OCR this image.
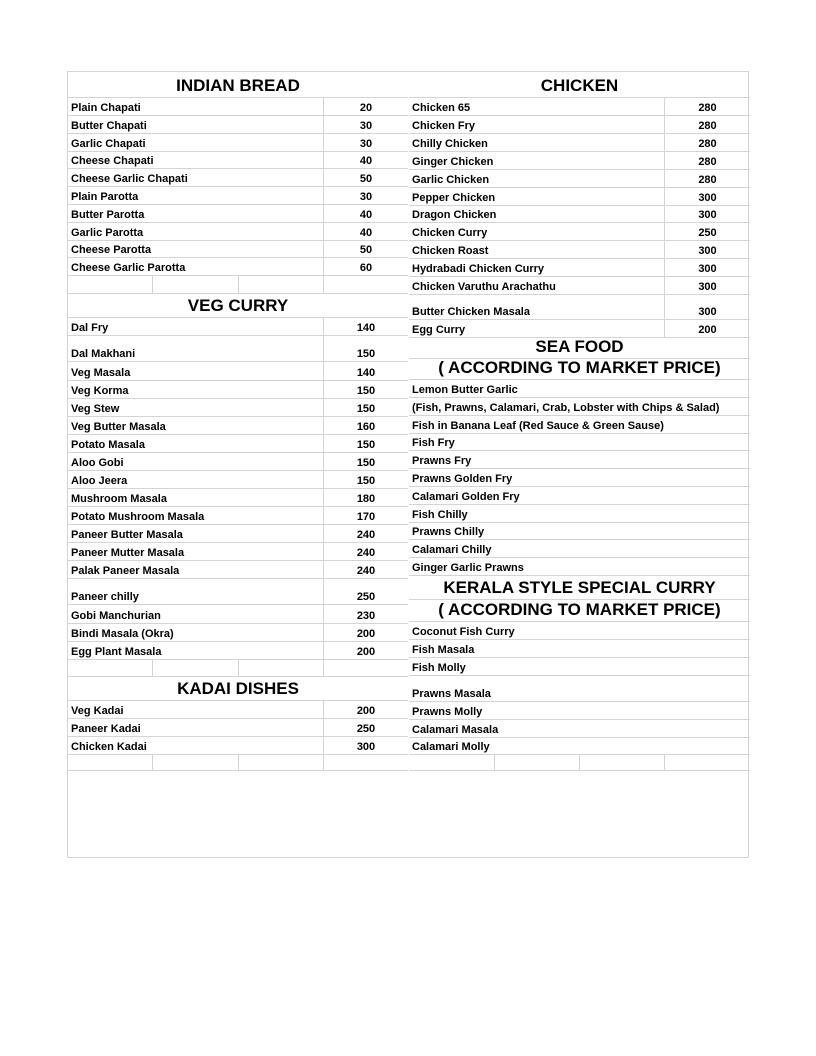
INDIAN BREAD
Plain Chapati	20
Butter Chapati	30
Garlic Chapati	30
Cheese Chapati	40
Cheese Garlic Chapati	50
Plain Parotta	30
Butter Parotta	40
Garlic Parotta	40
Cheese Parotta	50
Cheese Garlic Parotta	60
VEG CURRY
Dal Fry	140
Dal Makhani	150
Veg Masala	140
Veg Korma	150
Veg Stew	150
Veg Butter Masala	160
Potato Masala	150
Aloo Gobi	150
Aloo Jeera	150
Mushroom Masala	180
Potato Mushroom Masala	170
Paneer Butter Masala	240
Paneer Mutter Masala	240
Palak Paneer Masala	240
Paneer chilly	250
Gobi Manchurian	230
Bindi Masala (Okra)	200
Egg Plant Masala	200
KADAI DISHES
Veg Kadai	200
Paneer Kadai	250
Chicken Kadai	300
CHICKEN
Chicken 65	280
Chicken Fry	280
Chilly Chicken	280
Ginger Chicken	280
Garlic Chicken	280
Pepper Chicken	300
Dragon Chicken	300
Chicken Curry	250
Chicken Roast	300
Hydrabadi Chicken Curry	300
Chicken Varuthu Arachathu	300
Butter Chicken Masala	300
Egg Curry	200
SEA FOOD
( ACCORDING TO MARKET PRICE)
Lemon Butter Garlic
(Fish, Prawns, Calamari, Crab, Lobster with Chips & Salad)
Fish in Banana Leaf (Red Sauce & Green Sause)
Fish Fry
Prawns Fry
Prawns Golden Fry
Calamari Golden Fry
Fish Chilly
Prawns Chilly
Calamari Chilly
Ginger Garlic Prawns
KERALA STYLE SPECIAL CURRY
( ACCORDING TO MARKET PRICE)
Coconut Fish Curry
Fish Masala
Fish Molly
Prawns Masala
Prawns Molly
Calamari Masala
Calamari Molly
